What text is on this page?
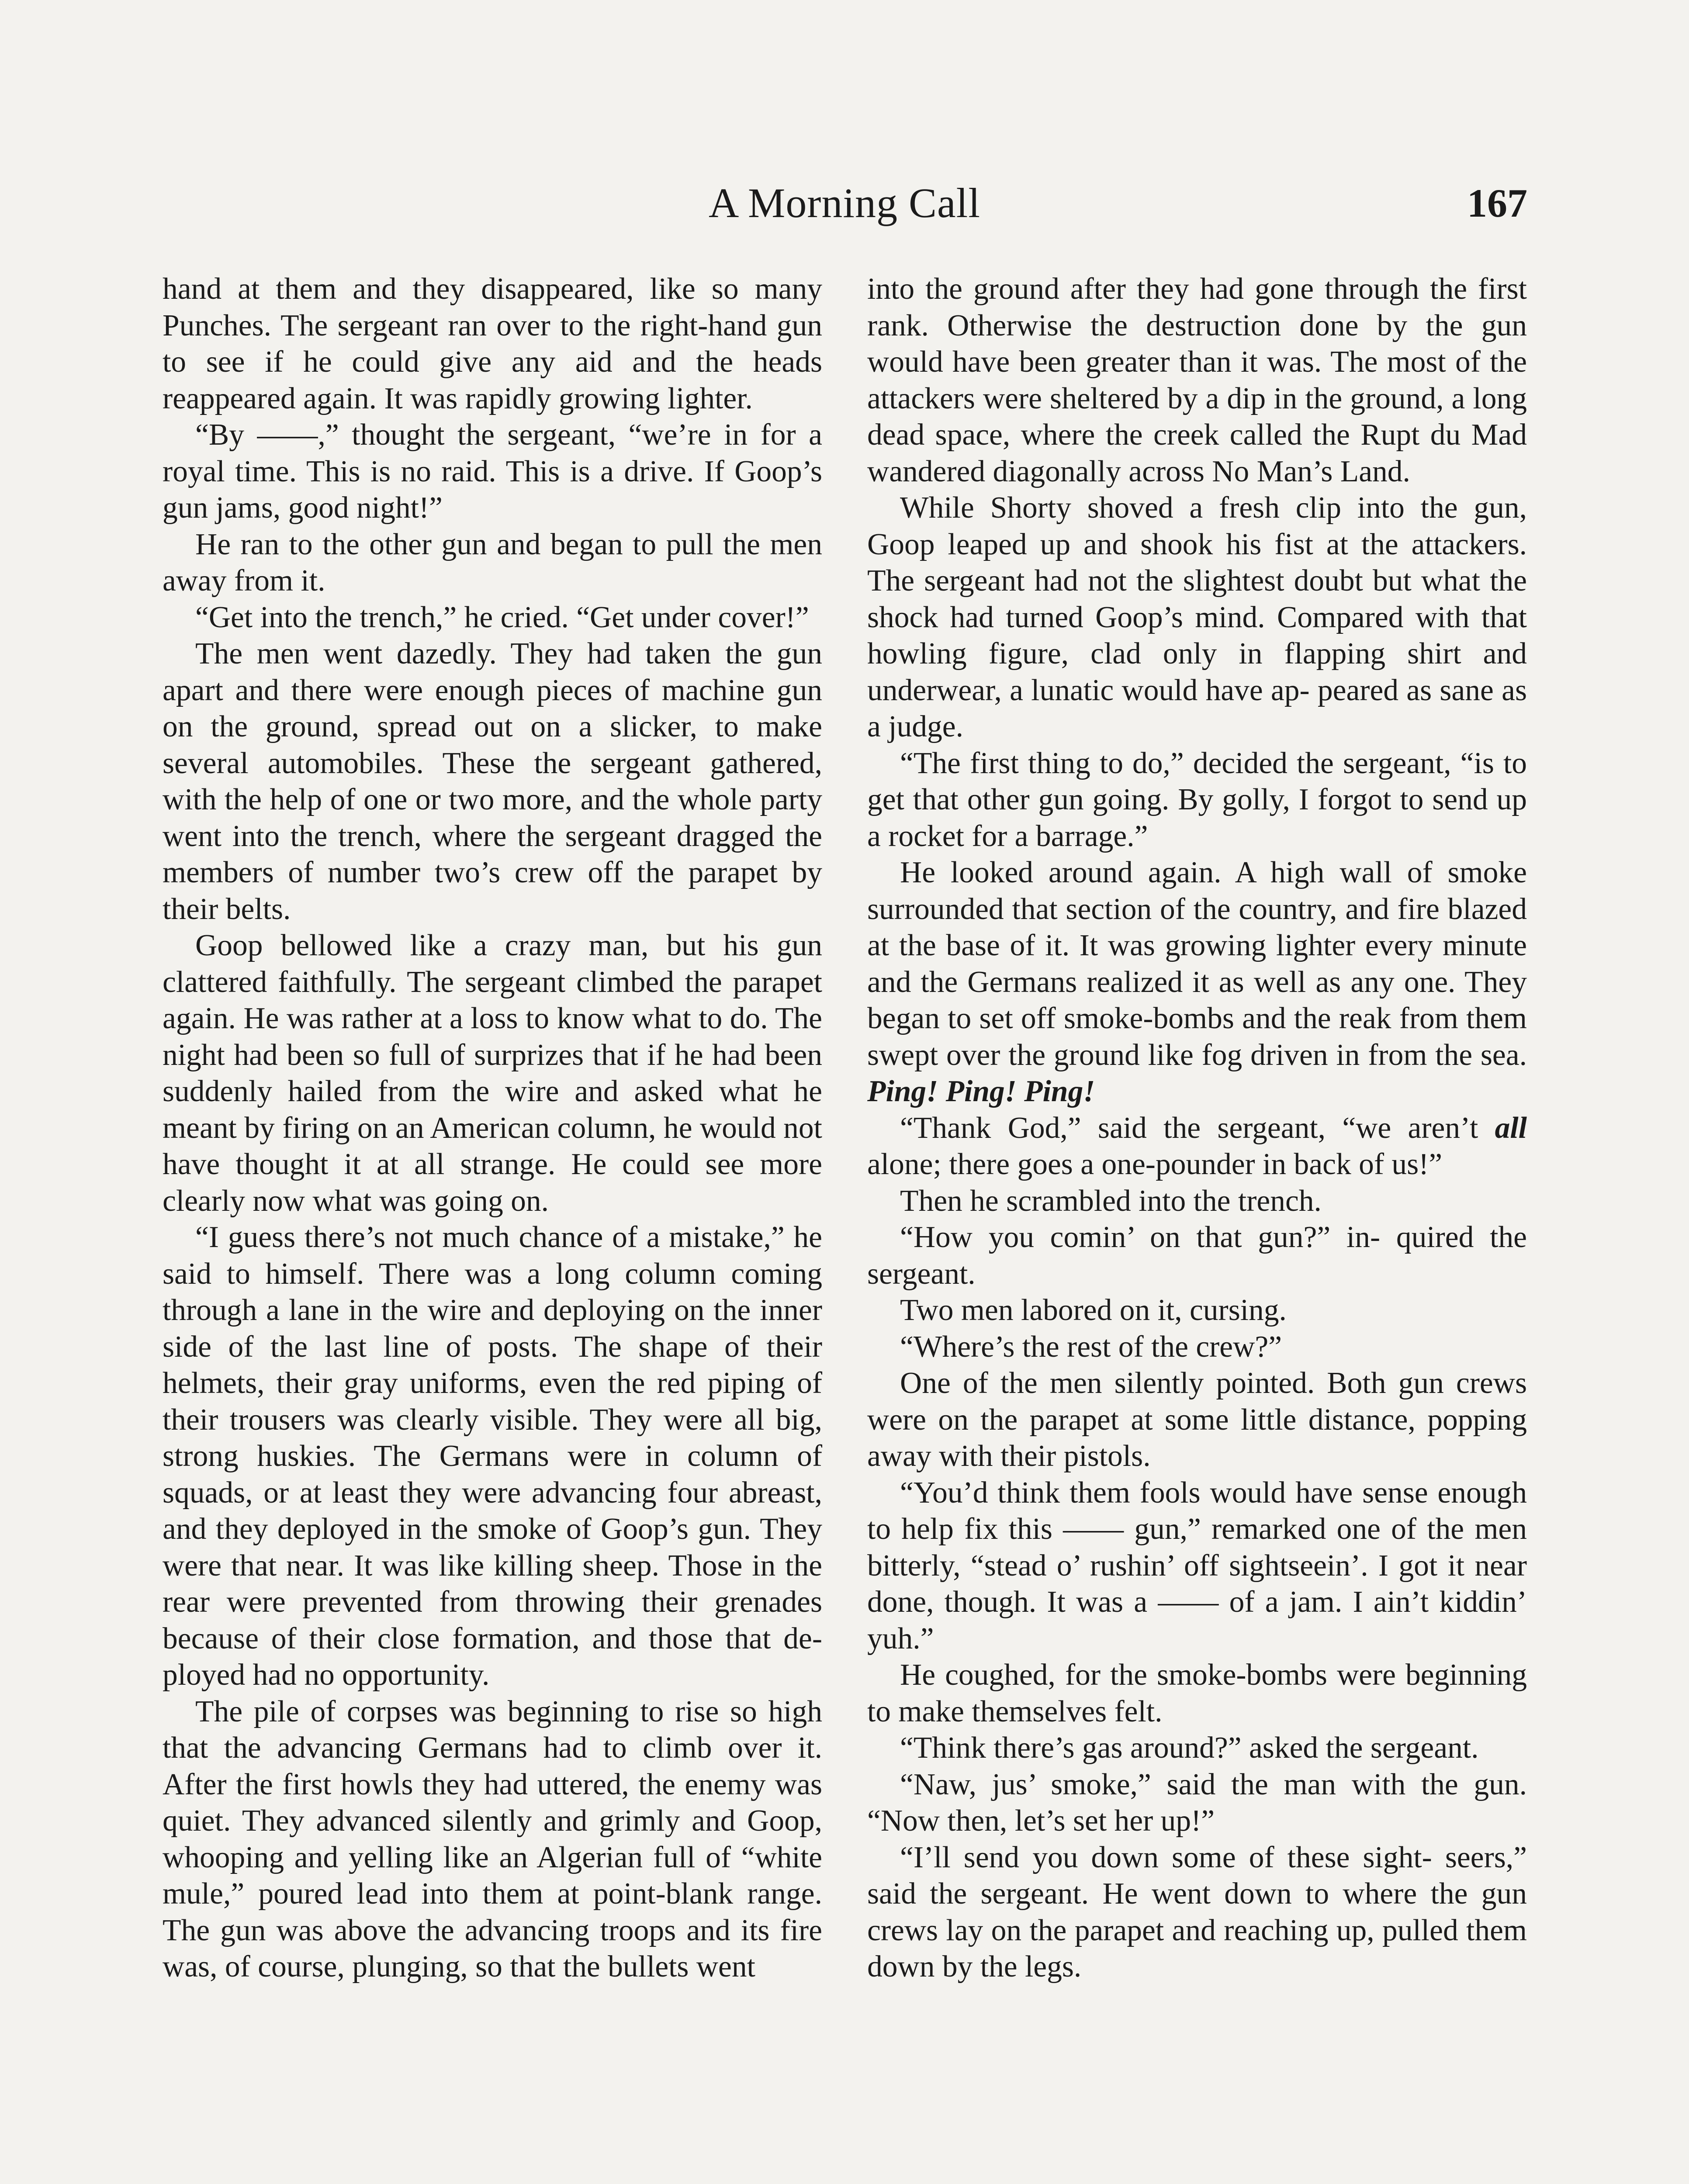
A Morning Call	167

hand at them and they disappeared, like so many Punches. The sergeant ran over to the right-hand gun to see if he could give any aid and the heads reappeared again. It was rapidly growing lighter.

“By ——,” thought the sergeant, “we’re in for a royal time. This is no raid. This is a drive. If Goop’s gun jams, good night!”

He ran to the other gun and began to pull the men away from it.

“Get into the trench,” he cried. “Get under cover!”

The men went dazedly. They had taken the gun apart and there were enough pieces of machine gun on the ground, spread out on a slicker, to make several automobiles. These the sergeant gathered, with the help of one or two more, and the whole party went into the trench, where the sergeant dragged the members of number two’s crew off the parapet by their belts.

Goop bellowed like a crazy man, but his gun clattered faithfully. The sergeant climbed the parapet again. He was rather at a loss to know what to do. The night had been so full of surprizes that if he had been suddenly hailed from the wire and asked what he meant by firing on an American column, he would not have thought it at all strange. He could see more clearly now what was going on.

“I guess there’s not much chance of a mistake,” he said to himself. There was a long column coming through a lane in the wire and deploying on the inner side of the last line of posts. The shape of their helmets, their gray uniforms, even the red piping of their trousers was clearly visible. They were all big, strong huskies. The Germans were in column of squads, or at least they were advancing four abreast, and they deployed in the smoke of Goop’s gun. They were that near. It was like killing sheep. Those in the rear were prevented from throwing their grenades because of their close formation, and those that de- ployed had no opportunity.

The pile of corpses was beginning to rise so high that the advancing Germans had to climb over it. After the first howls they had uttered, the enemy was quiet. They advanced silently and grimly and Goop, whooping and yelling like an Algerian full of “white mule,” poured lead into them at point-blank range. The gun was above the advancing troops and its fire was, of course, plunging, so that the bullets went

into the ground after they had gone through the first rank. Otherwise the destruction done by the gun would have been greater than it was. The most of the attackers were sheltered by a dip in the ground, a long dead space, where the creek called the Rupt du Mad wandered diagonally across No Man’s Land.

While Shorty shoved a fresh clip into the gun, Goop leaped up and shook his fist at the attackers. The sergeant had not the slightest doubt but what the shock had turned Goop’s mind. Compared with that howling figure, clad only in flapping shirt and underwear, a lunatic would have ap- peared as sane as a judge.

“The first thing to do,” decided the sergeant, “is to get that other gun going. By golly, I forgot to send up a rocket for a barrage.”

He looked around again. A high wall of smoke surrounded that section of the country, and fire blazed at the base of it. It was growing lighter every minute and the Germans realized it as well as any one. They began to set off smoke-bombs and the reak from them swept over the ground like fog driven in from the sea. Ping! Ping! Ping!

“Thank God,” said the sergeant, “we aren’t all alone; there goes a one-pounder in back of us!”

Then he scrambled into the trench.

“How you comin’ on that gun?” in- quired the sergeant.

Two men labored on it, cursing.

“Where’s the rest of the crew?”

One of the men silently pointed. Both gun crews were on the parapet at some little distance, popping away with their pistols.

“You’d think them fools would have sense enough to help fix this —— gun,” remarked one of the men bitterly, “stead o’ rushin’ off sightseein’. I got it near done, though. It was a —— of a jam. I ain’t kiddin’ yuh.”

He coughed, for the smoke-bombs were beginning to make themselves felt.

“Think there’s gas around?” asked the sergeant.

“Naw, jus’ smoke,” said the man with the gun. “Now then, let’s set her up!”

“I’ll send you down some of these sight- seers,” said the sergeant. He went down to where the gun crews lay on the parapet and reaching up, pulled them down by the legs.
